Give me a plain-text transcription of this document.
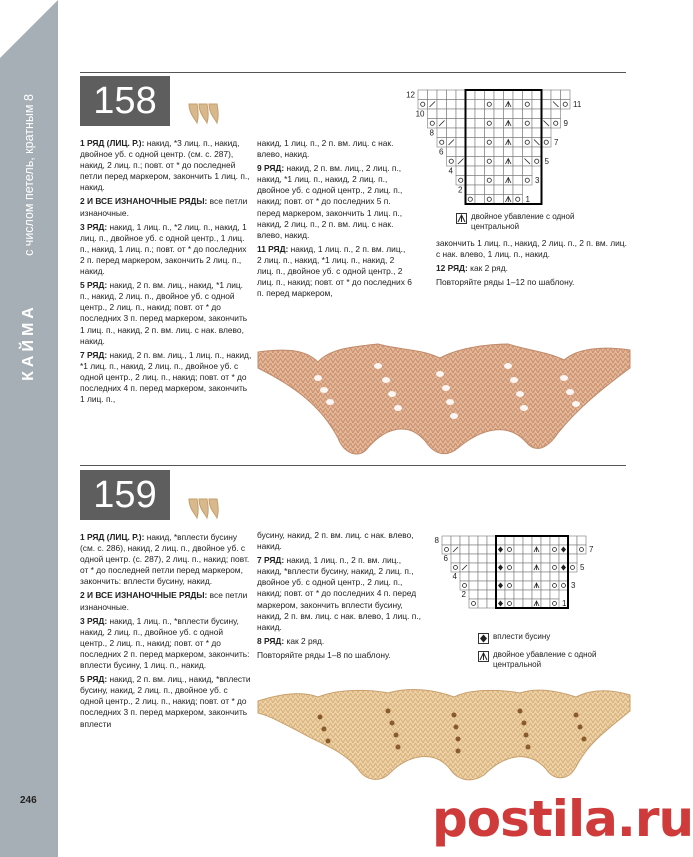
с числом петель, кратным 8
КАЙМА
246
158

1 РЯД (ЛИЦ. Р.): накид, *3 лиц. п., накид, двойное уб. с одной центр. (см. с. 287), накид, 2 лиц. п.; повт. от * до последней петли перед маркером, закончить 1 лиц. п., накид.

2 И ВСЕ ИЗНАНОЧНЫЕ РЯДЫ: все петли изнаночные.

3 РЯД: накид, 1 лиц. п., *2 лиц. п., накид, 1 лиц. п., двойное уб. с одной центр., 1 лиц. п., накид, 1 лиц. п.; повт. от * до последних 2 п. перед маркером, закончить 2 лиц. п., накид.

5 РЯД: накид, 2 п. вм. лиц., накид, *1 лиц. п., накид, 2 лиц. п., двойное уб. с одной центр., 2 лиц. п., накид; повт. от * до последних 3 п. перед маркером, закончить 1 лиц. п., накид, 2 п. вм. лиц. с нак. влево, накид.

7 РЯД: накид, 2 п. вм. лиц., 1 лиц. п., накид, *1 лиц. п., накид, 2 лиц. п., двойное уб. с одной центр., 2 лиц. п., накид; повт. от * до последних 4 п. перед маркером, закончить 1 лиц. п.,

накид, 1 лиц. п., 2 п. вм. лиц. с нак. влево, накид.

9 РЯД: накид, 2 п. вм. лиц., 2 лиц. п., накид, *1 лиц. п., накид, 2 лиц. п., двойное уб. с одной центр., 2 лиц. п., накид; повт. от * до последних 5 п. перед маркером, закончить 1 лиц. п., накид, 2 лиц. п., 2 п. вм. лиц. с нак. влево, накид.

11 РЯД: накид, 1 лиц. п., 2 п. вм. лиц., 2 лиц. п., накид, *1 лиц. п., накид, 2 лиц. п., двойное уб. с одной центр., 2 лиц. п., накид; повт. от * до последних 6 п. перед маркером,

закончить 1 лиц. п., накид, 2 лиц. п., 2 п. вм. лиц. с нак. влево, 1 лиц. п., накид.

12 РЯД: как 2 ряд.

Повторяйте ряды 1–12 по шаблону.

12
10
8
6
4
2
11
9
7
5
3
1
двойное убавление с одной центральной
159

1 РЯД (ЛИЦ. Р.): накид, *вплести бусину (см. с. 286), накид, 2 лиц. п., двойное уб. с одной центр. (с. 287), 2 лиц. п., накид; повт. от * до последней петли перед маркером, закончить: вплести бусину, накид.

2 И ВСЕ ИЗНАНОЧНЫЕ РЯДЫ: все петли изнаночные.

3 РЯД: накид, 1 лиц. п., *вплести бусину, накид, 2 лиц. п., двойное уб. с одной центр., 2 лиц. п., накид; повт. от * до последних 2 п. перед маркером, закончить: вплести бусину, 1 лиц. п., накид.

5 РЯД: накид, 2 п. вм. лиц., накид, *вплести бусину, накид, 2 лиц. п., двойное уб. с одной центр., 2 лиц. п., накид; повт. от * до последних 3 п. перед маркером, закончить вплести

бусину, накид, 2 п. вм. лиц. с нак. влево, накид.

7 РЯД: накид, 1 лиц. п., 2 п. вм. лиц., накид, *вплести бусину, накид, 2 лиц. п., двойное уб. с одной центр., 2 лиц. п., накид; повт. от * до последних 4 п. перед маркером, закончить вплести бусину, накид, 2 п. вм. лиц. с нак. влево, 1 лиц. п., накид.

8 РЯД: как 2 ряд.

Повторяйте ряды 1–8 по шаблону.

8
6
4
2
7
5
3
1
вплести бусину
двойное убавление с одной центральной
postila.ru
